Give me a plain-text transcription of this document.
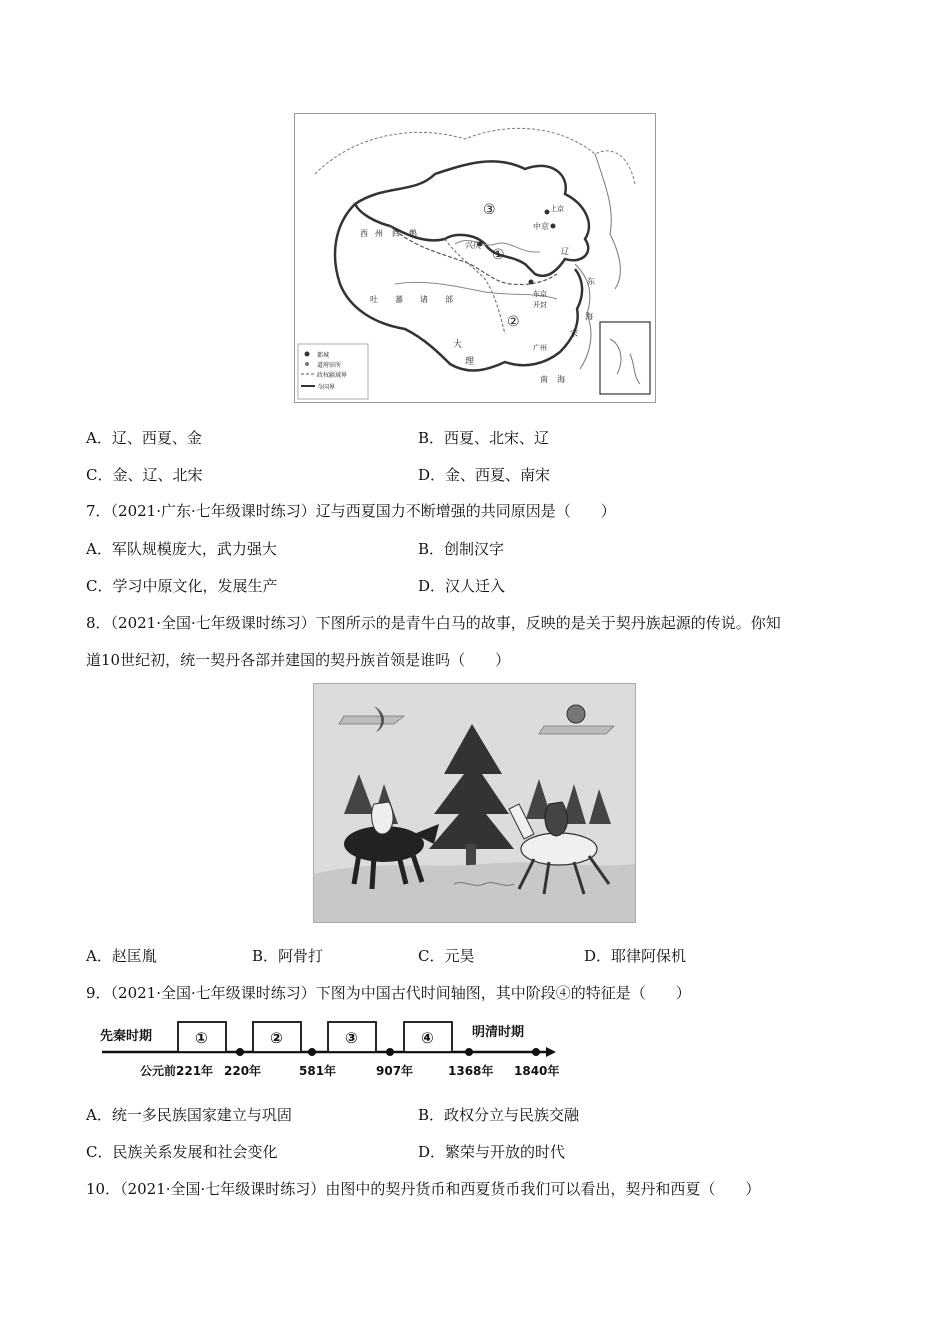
③
①
②
西 州 回 鹘
兴庆
上京
中京
东京
辽
开封
吐 蕃 诸 部
大
理
广州
南 海
东
海
宋
都城
道府驻所
政权疆域界
今国界
A．辽、西夏、金	B．西夏、北宋、辽
C．金、辽、北宋	D．金、西夏、南宋
7．（2021·广东·七年级课时练习）辽与西夏国力不断增强的共同原因是（　　）
A．军队规模庞大，武力强大	B．创制汉字
C．学习中原文化，发展生产	D．汉人迁入
8．（2021·全国·七年级课时练习）下图所示的是青牛白马的故事，反映的是关于契丹族起源的传说。你知
道10世纪初，统一契丹各部并建国的契丹族首领是谁吗（　　）
A．赵匡胤	B．阿骨打	C．元昊	D．耶律阿保机
9．（2021·全国·七年级课时练习）下图为中国古代时间轴图，其中阶段④的特征是（　　）
先秦时期	明清时期
①	②	③	④
公元前221年 220年	581年	907年	1368年 1840年
A．统一多民族国家建立与巩固	B．政权分立与民族交融
C．民族关系发展和社会变化	D．繁荣与开放的时代
10．（2021·全国·七年级课时练习）由图中的契丹货币和西夏货币我们可以看出，契丹和西夏（　　）
